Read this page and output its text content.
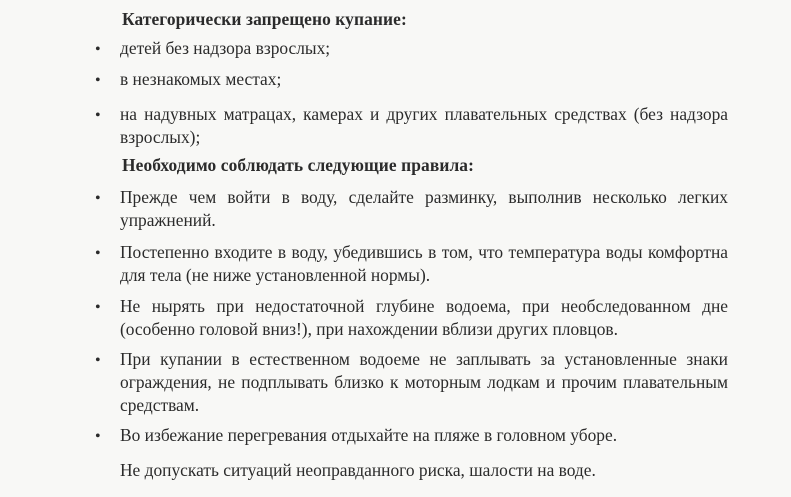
Категорически запрещено купание:
• детей без надзора взрослых;
• в незнакомых местах;
• на надувных матрацах, камерах и других плавательных средствах (без надзора взрослых);
Необходимо соблюдать следующие правила:
• Прежде чем войти в воду, сделайте разминку, выполнив несколько легких упражнений.
• Постепенно входите в воду, убедившись в том, что температура воды комфортна для тела (не ниже установленной нормы).
• Не нырять при недостаточной глубине водоема, при необследованном дне (особенно головой вниз!), при нахождении вблизи других пловцов.
• При купании в естественном водоеме не заплывать за установленные знаки ограждения, не подплывать близко к моторным лодкам и прочим плавательным средствам.
• Во избежание перегревания отдыхайте на пляже в головном уборе.
Не допускать ситуаций неоправданного риска, шалости на воде.
